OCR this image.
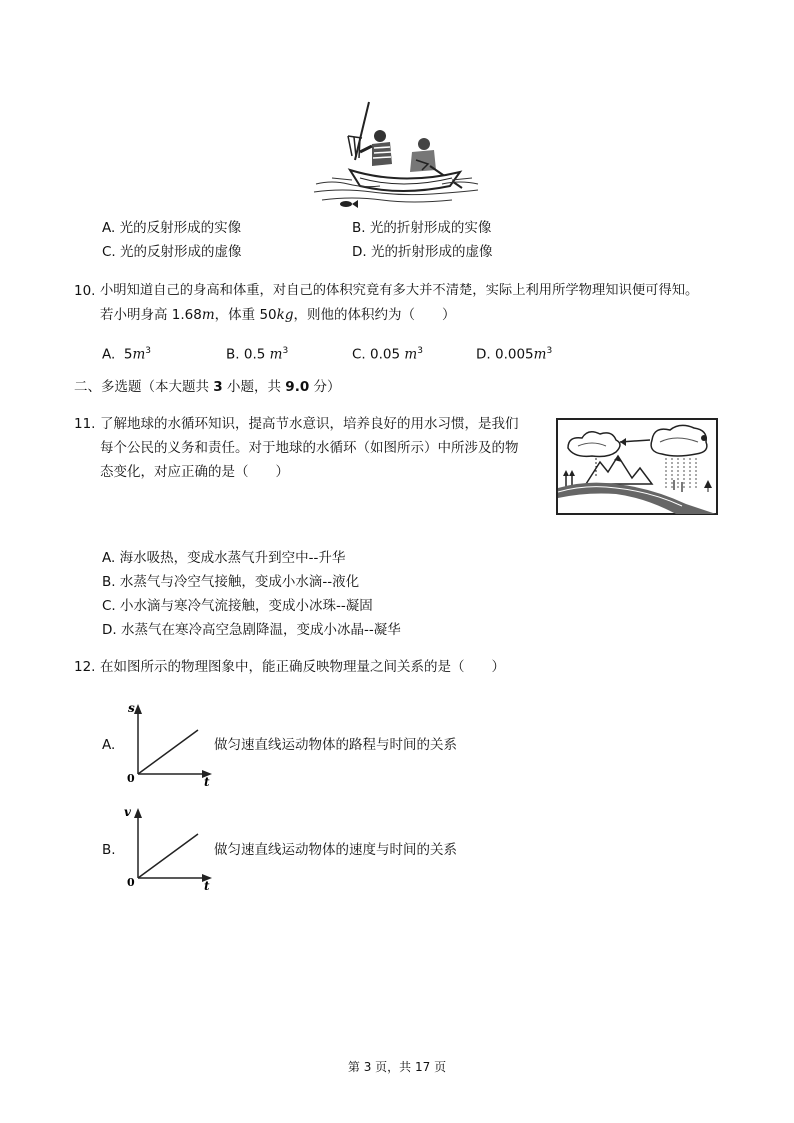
A. 光的反射形成的实像	B. 光的折射形成的实像
C. 光的反射形成的虚像	D. 光的折射形成的虚像
10. 小明知道自己的身高和体重，对自己的体积究竟有多大并不清楚，实际上利用所学物理知识便可得知。
若小明身高 1.68m，体重 50kg，则他的体积约为（　　）
A. $5m^3$	B. 0.5 $m^3$	C. 0.05 $m^3$	D. $0.005m^3$
二、多选题（本大题共 3 小题，共 9.0 分）
11. 了解地球的水循环知识，提高节水意识，培养良好的用水习惯，是我们
每个公民的义务和责任。对于地球的水循环（如图所示）中所涉及的物
态变化，对应正确的是（　　）
A. 海水吸热，变成水蒸气升到空中--升华
B. 水蒸气与冷空气接触，变成小水滴--液化
C. 小水滴与寒冷气流接触，变成小冰珠--凝固
D. 水蒸气在寒冷高空急剧降温，变成小冰晶--凝华
12. 在如图所示的物理图象中，能正确反映物理量之间关系的是（　　）
A.
s
t
0
做匀速直线运动物体的路程与时间的关系
B.
v
t
0
做匀速直线运动物体的速度与时间的关系
第 3 页，共 17 页
